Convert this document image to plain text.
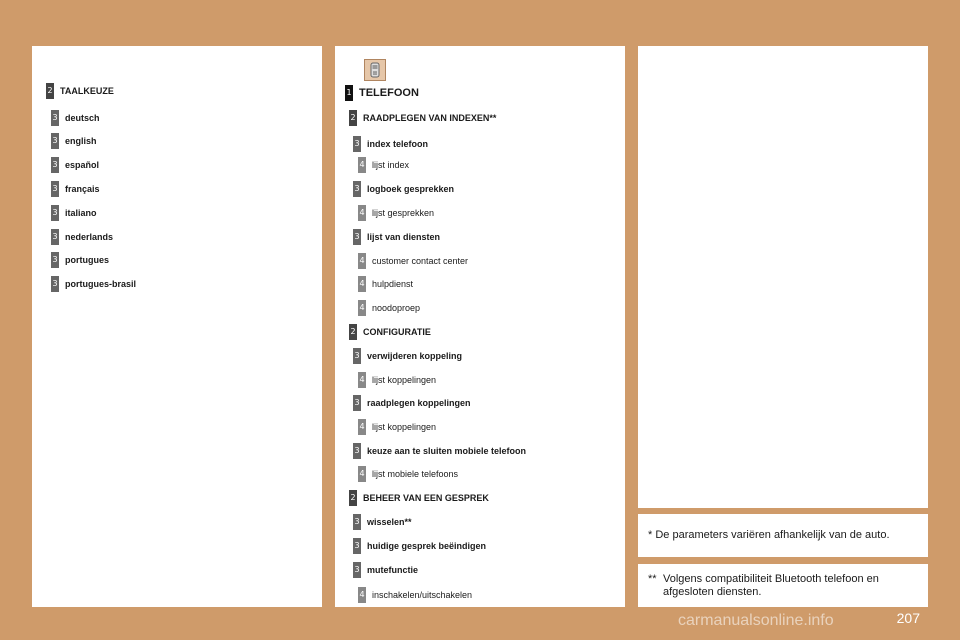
* De parameters variëren afhankelijk van de auto.
** Volgens compatibiliteit Bluetooth telefoon en afgesloten diensten.
2 TAALKEUZE
3 deutsch
3 english
3 español
3 français
3 italiano
3 nederlands
3 portugues
3 portugues-brasil
1 TELEFOON
2 RAADPLEGEN VAN INDEXEN**
3 index telefoon
4 lijst index
3 logboek gesprekken
4 lijst gesprekken
3 lijst van diensten
4 customer contact center
4 hulpdienst
4 noodoproep
2 CONFIGURATIE
3 verwijderen koppeling
4 lijst koppelingen
3 raadplegen koppelingen
4 lijst koppelingen
3 keuze aan te sluiten mobiele telefoon
4 lijst mobiele telefoons
2 BEHEER VAN EEN GESPREK
3 wisselen**
3 huidige gesprek beëindigen
3 mutefunctie
4 inschakelen/uitschakelen
207
carmanualsonline.info
